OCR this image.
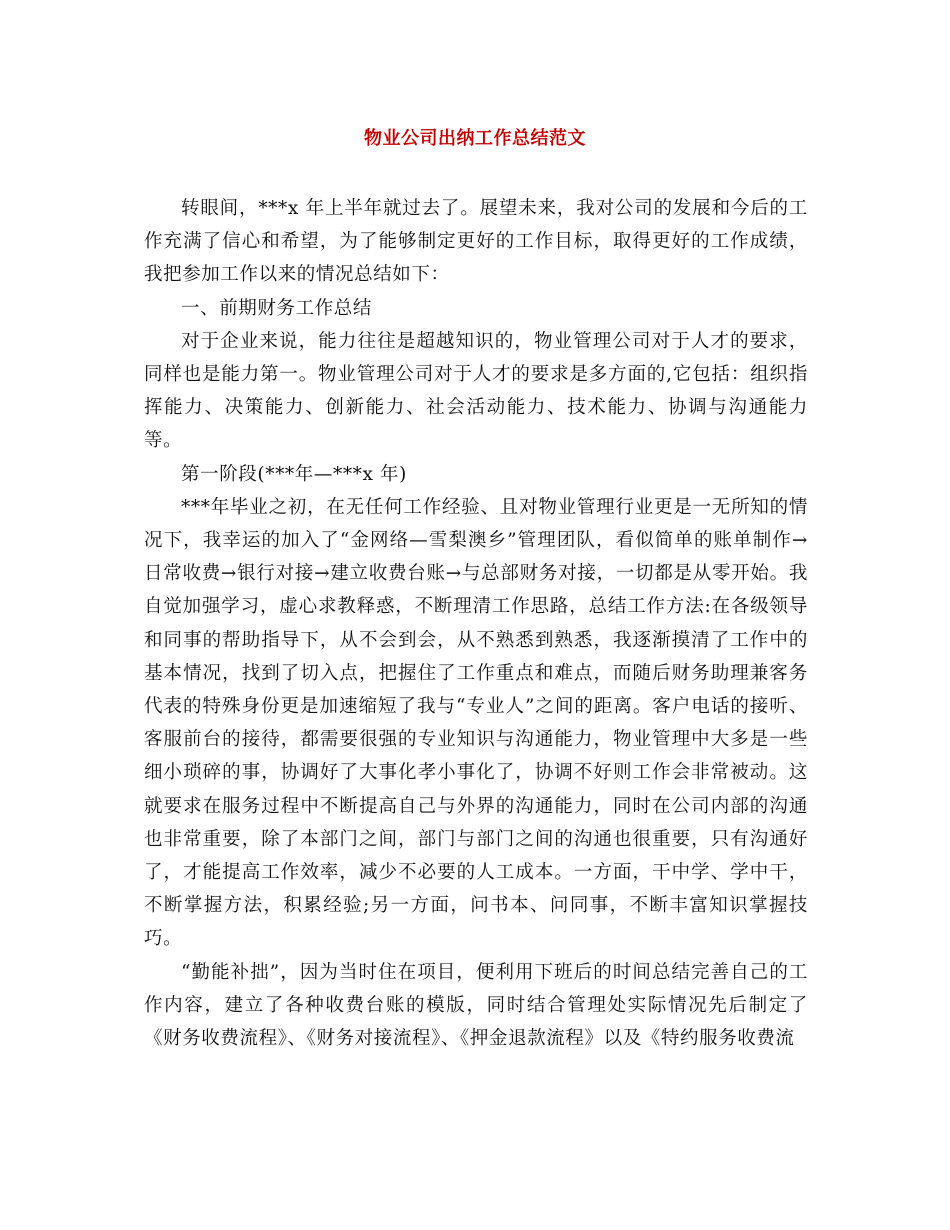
物业公司出纳工作总结范文

转眼间，***x 年上半年就过去了。展望未来，我对公司的发展和今后的工作充满了信心和希望，为了能够制定更好的工作目标，取得更好的工作成绩，我把参加工作以来的情况总结如下：

一、前期财务工作总结

对于企业来说，能力往往是超越知识的，物业管理公司对于人才的要求，同样也是能力第一。物业管理公司对于人才的要求是多方面的,它包括：组织指挥能力、决策能力、创新能力、社会活动能力、技术能力、协调与沟通能力等。

第一阶段(***年—***x 年)

***年毕业之初，在无任何工作经验、且对物业管理行业更是一无所知的情况下，我幸运的加入了“金网络—雪梨澳乡”管理团队，看似简单的账单制作→日常收费→银行对接→建立收费台账→与总部财务对接，一切都是从零开始。我自觉加强学习，虚心求教释惑，不断理清工作思路，总结工作方法:在各级领导和同事的帮助指导下，从不会到会，从不熟悉到熟悉，我逐渐摸清了工作中的基本情况，找到了切入点，把握住了工作重点和难点，而随后财务助理兼客务代表的特殊身份更是加速缩短了我与“专业人”之间的距离。客户电话的接听、客服前台的接待，都需要很强的专业知识与沟通能力，物业管理中大多是一些细小琐碎的事，协调好了大事化孝小事化了，协调不好则工作会非常被动。这就要求在服务过程中不断提高自己与外界的沟通能力，同时在公司内部的沟通也非常重要，除了本部门之间，部门与部门之间的沟通也很重要，只有沟通好了，才能提高工作效率，减少不必要的人工成本。一方面，干中学、学中干，不断掌握方法，积累经验;另一方面，问书本、问同事，不断丰富知识掌握技巧。

“勤能补拙”，因为当时住在项目，便利用下班后的时间总结完善自己的工作内容，建立了各种收费台账的模版，同时结合管理处实际情况先后制定了《财务收费流程》、《财务对接流程》、《押金退款流程》以及《特约服务收费流
